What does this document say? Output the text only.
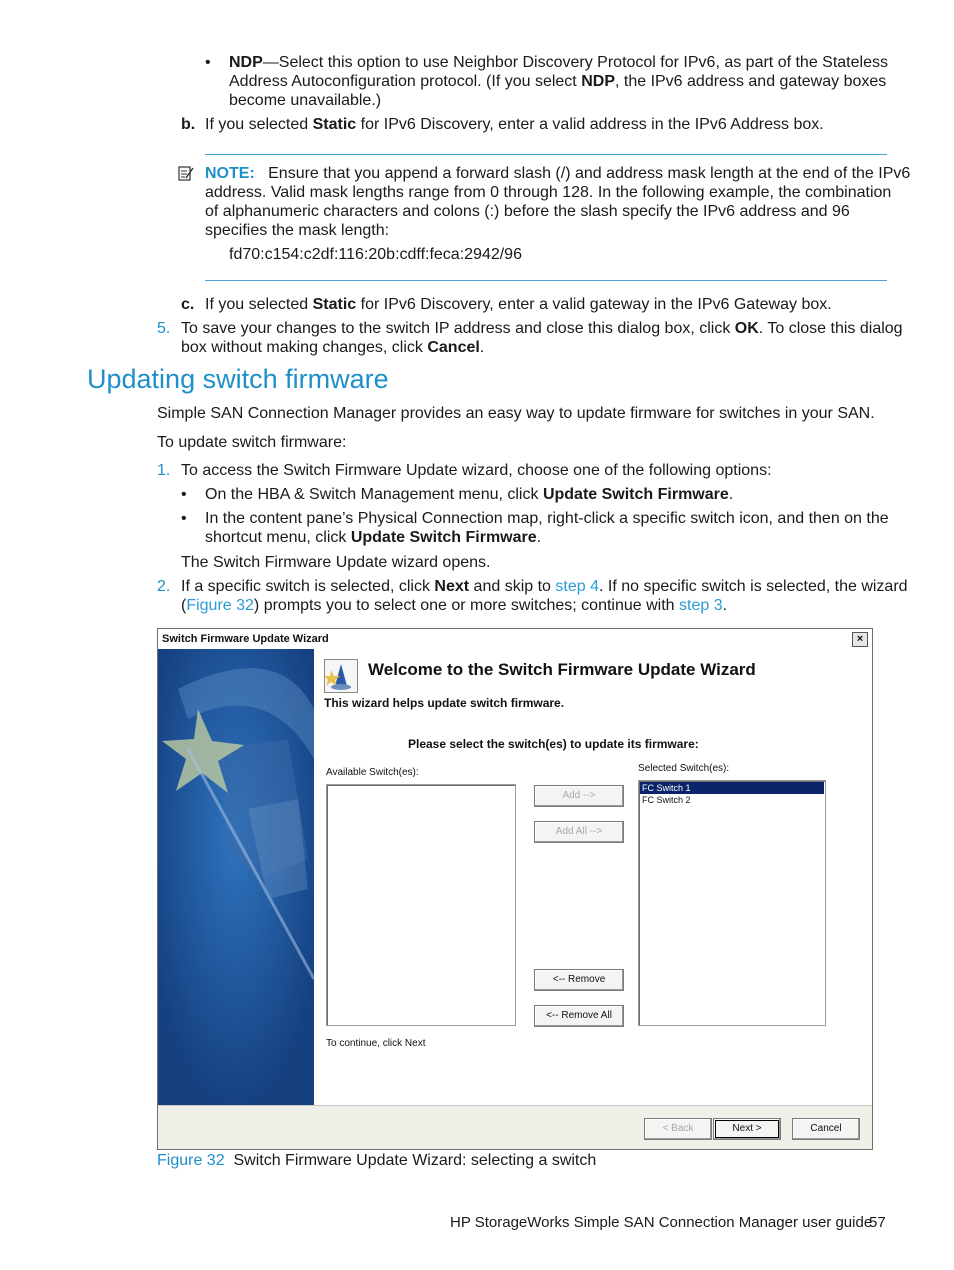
• NDP—Select this option to use Neighbor Discovery Protocol for IPv6, as part of the Stateless
Address Autoconfiguration protocol. (If you select NDP, the IPv6 address and gateway boxes
become unavailable.)
b. If you selected Static for IPv6 Discovery, enter a valid address in the IPv6 Address box.
NOTE: Ensure that you append a forward slash (/) and address mask length at the end of the IPv6
address. Valid mask lengths range from 0 through 128. In the following example, the combination
of alphanumeric characters and colons (:) before the slash specify the IPv6 address and 96
specifies the mask length:
fd70:c154:c2df:116:20b:cdff:feca:2942/96
c. If you selected Static for IPv6 Discovery, enter a valid gateway in the IPv6 Gateway box.
5. To save your changes to the switch IP address and close this dialog box, click OK. To close this dialog
box without making changes, click Cancel.
Updating switch firmware
Simple SAN Connection Manager provides an easy way to update firmware for switches in your SAN.
To update switch firmware:
1. To access the Switch Firmware Update wizard, choose one of the following options:
• On the HBA & Switch Management menu, click Update Switch Firmware.
• In the content pane’s Physical Connection map, right-click a specific switch icon, and then on the
shortcut menu, click Update Switch Firmware.
The Switch Firmware Update wizard opens.
2. If a specific switch is selected, click Next and skip to step 4. If no specific switch is selected, the wizard
(Figure 32) prompts you to select one or more switches; continue with step 3.
Switch Firmware Update Wizard	×
Welcome to the Switch Firmware Update Wizard
This wizard helps update switch firmware.
Please select the switch(es) to update its firmware:
Available Switch(es):	Selected Switch(es):
FC Switch 1
FC Switch 2
Add -->
Add All -->
<-- Remove
<-- Remove All
To continue, click Next
< Back	Next >	Cancel
Figure 32 Switch Firmware Update Wizard: selecting a switch
HP StorageWorks Simple SAN Connection Manager user guide
57
